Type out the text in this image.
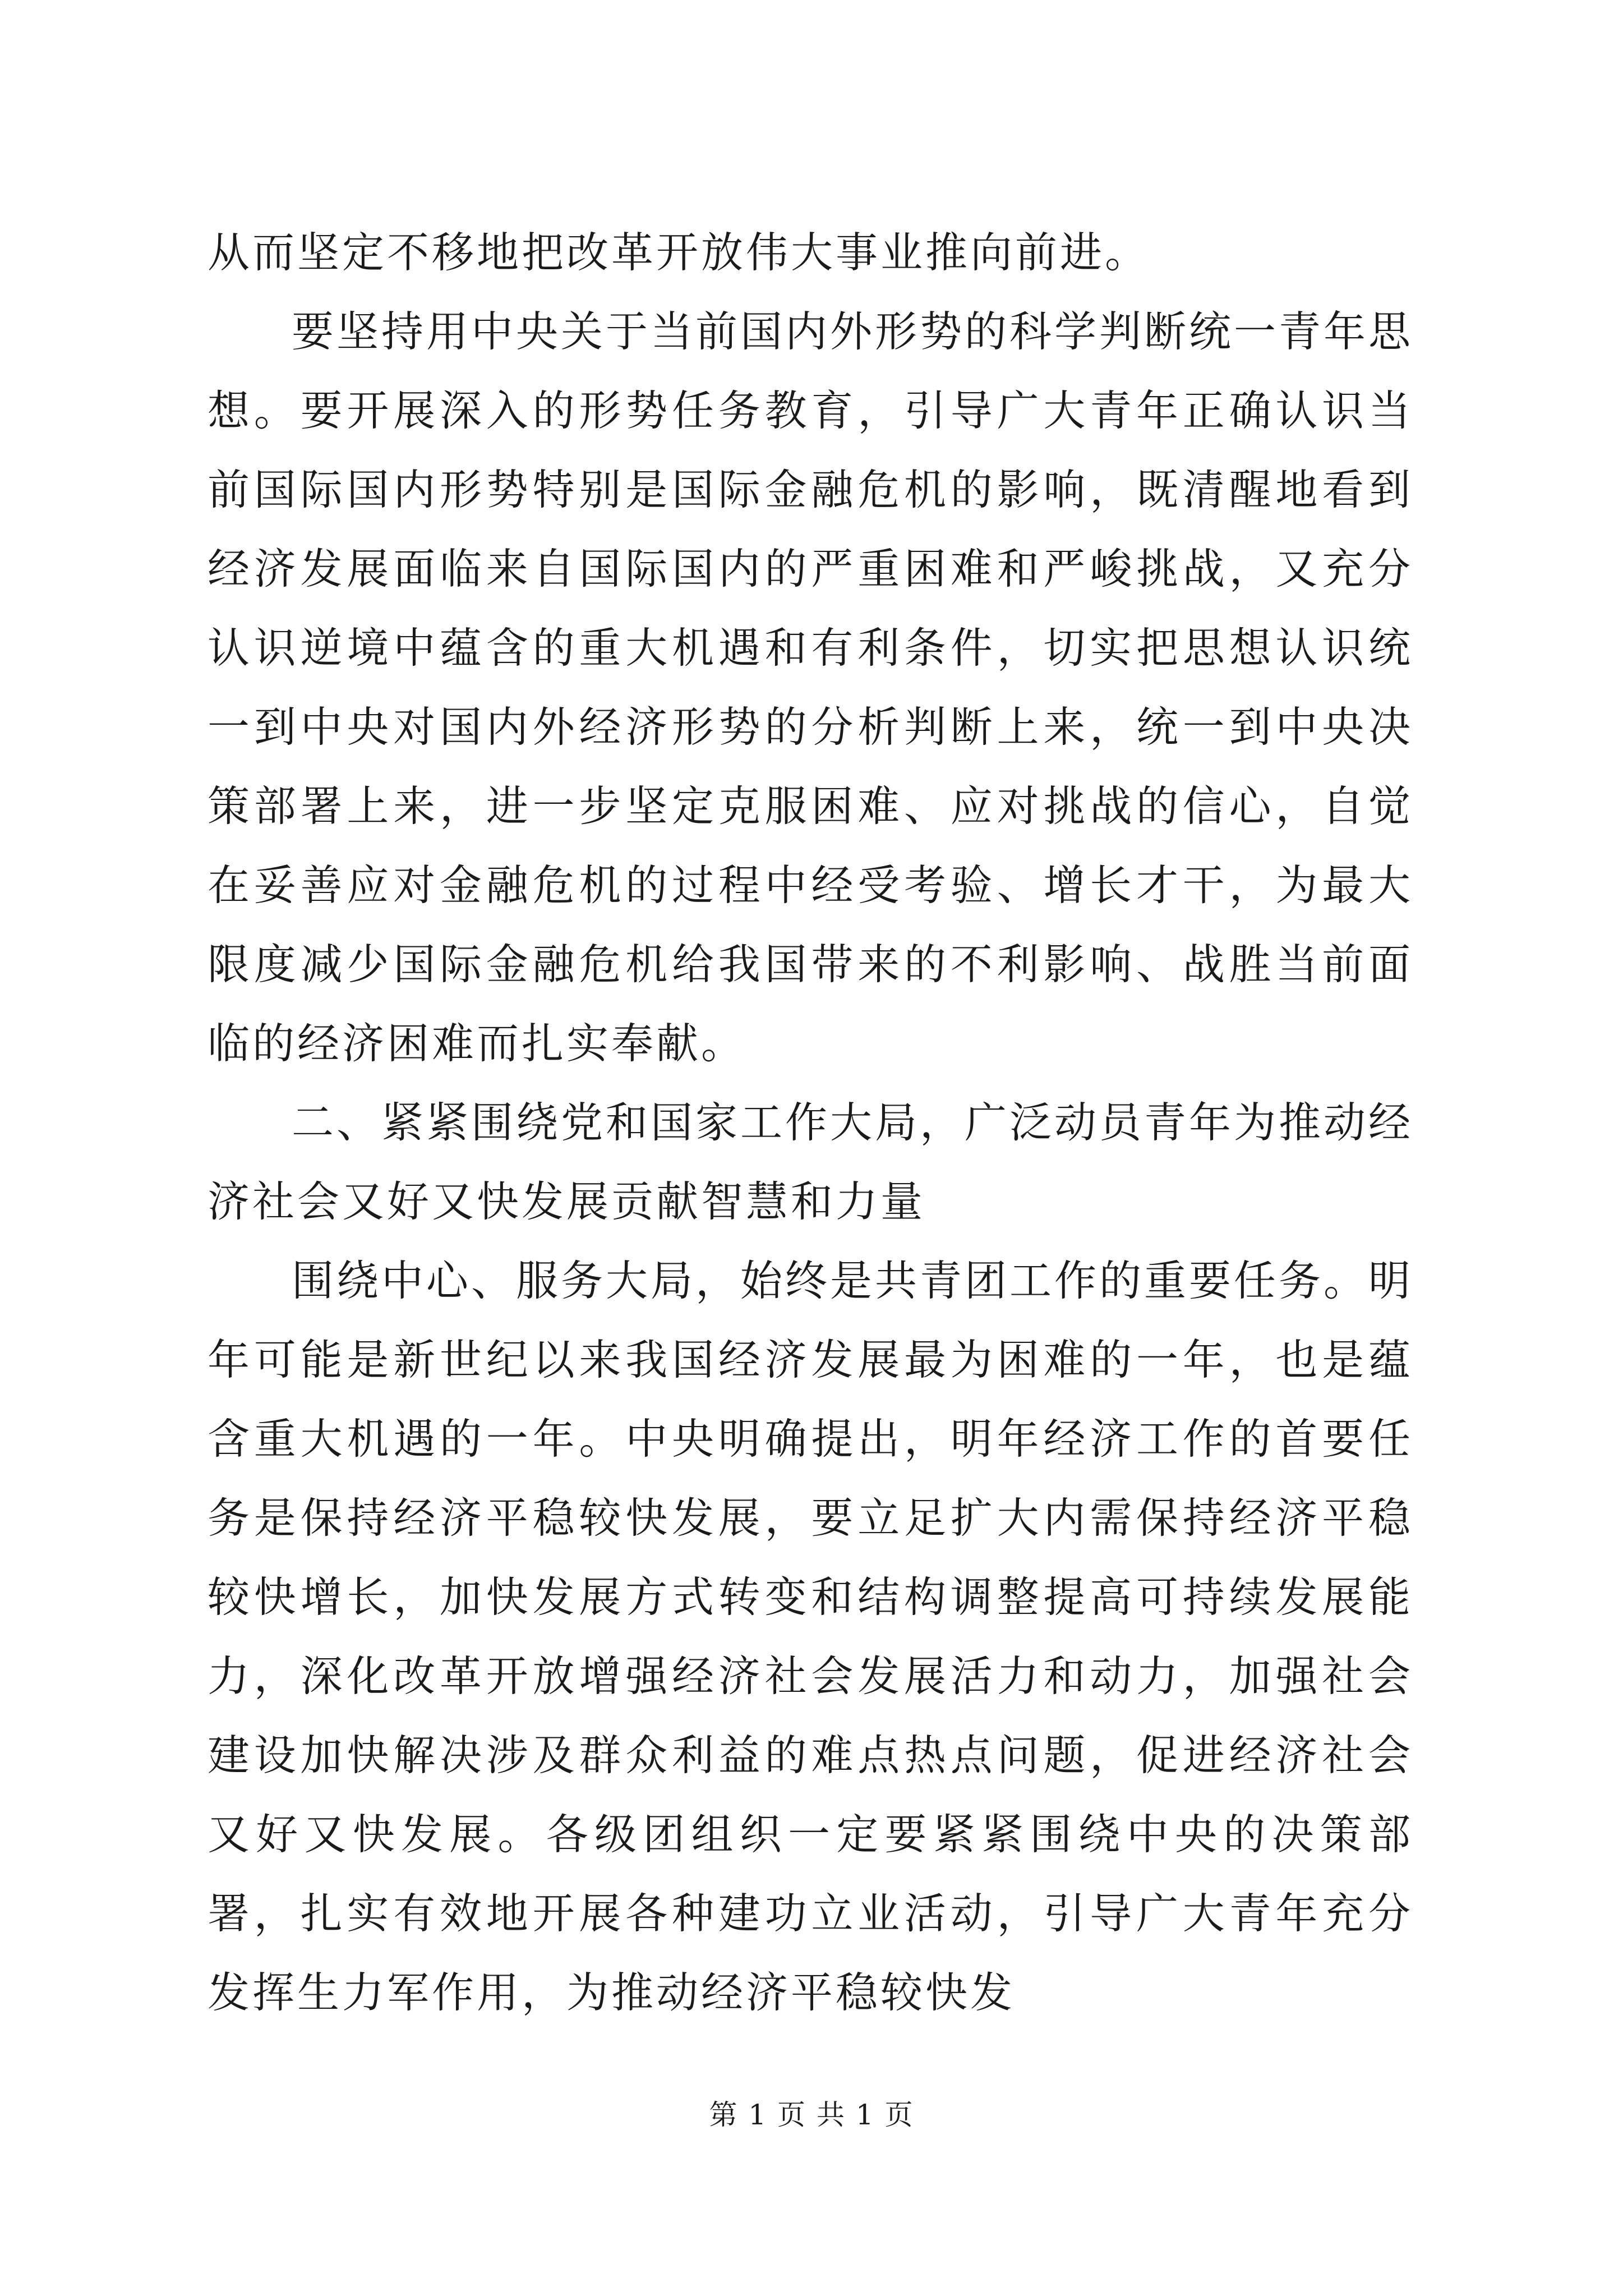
从而坚定不移地把改革开放伟大事业推向前进。

要坚持用中央关于当前国内外形势的科学判断统一青年思想。要开展深入的形势任务教育，引导广大青年正确认识当前国际国内形势特别是国际金融危机的影响，既清醒地看到经济发展面临来自国际国内的严重困难和严峻挑战，又充分认识逆境中蕴含的重大机遇和有利条件，切实把思想认识统一到中央对国内外经济形势的分析判断上来，统一到中央决策部署上来，进一步坚定克服困难、应对挑战的信心，自觉在妥善应对金融危机的过程中经受考验、增长才干，为最大限度减少国际金融危机给我国带来的不利影响、战胜当前面临的经济困难而扎实奉献。

二、紧紧围绕党和国家工作大局，广泛动员青年为推动经济社会又好又快发展贡献智慧和力量

围绕中心、服务大局，始终是共青团工作的重要任务。明年可能是新世纪以来我国经济发展最为困难的一年，也是蕴含重大机遇的一年。中央明确提出，明年经济工作的首要任务是保持经济平稳较快发展，要立足扩大内需保持经济平稳较快增长，加快发展方式转变和结构调整提高可持续发展能力，深化改革开放增强经济社会发展活力和动力，加强社会建设加快解决涉及群众利益的难点热点问题，促进经济社会又好又快发展。各级团组织一定要紧紧围绕中央的决策部署，扎实有效地开展各种建功立业活动，引导广大青年充分发挥生力军作用，为推动经济平稳较快发

第 1 页 共 1 页
